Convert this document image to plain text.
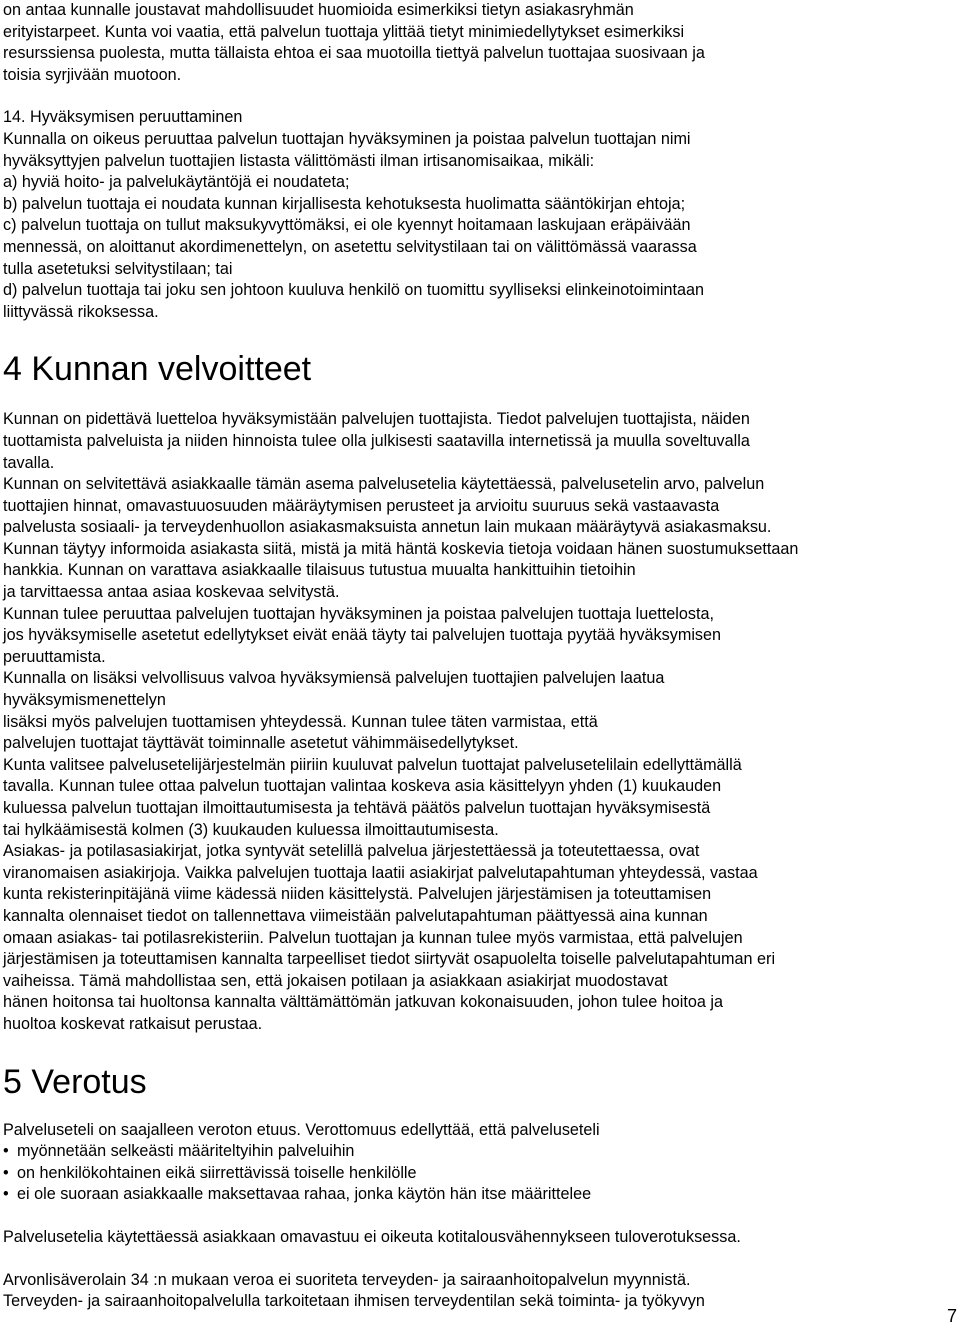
on antaa kunnalle joustavat mahdollisuudet huomioida esimerkiksi tietyn asiakasryhmän
erityistarpeet. Kunta voi vaatia, että palvelun tuottaja ylittää tietyt minimiedellytykset esimerkiksi
resurssiensa puolesta, mutta tällaista ehtoa ei saa muotoilla tiettyä palvelun tuottajaa suosivaan ja
toisia syrjivään muotoon.
14. Hyväksymisen peruuttaminen
Kunnalla on oikeus peruuttaa palvelun tuottajan hyväksyminen ja poistaa palvelun tuottajan nimi
hyväksyttyjen palvelun tuottajien listasta välittömästi ilman irtisanomisaikaa, mikäli:
a) hyviä hoito- ja palvelukäytäntöjä ei noudateta;
b) palvelun tuottaja ei noudata kunnan kirjallisesta kehotuksesta huolimatta sääntökirjan ehtoja;
c) palvelun tuottaja on tullut maksukyvyttömäksi, ei ole kyennyt hoitamaan laskujaan eräpäivään
mennessä, on aloittanut akordimenettelyn, on asetettu selvitystilaan tai on välittömässä vaarassa
tulla asetetuksi selvitystilaan; tai
d) palvelun tuottaja tai joku sen johtoon kuuluva henkilö on tuomittu syylliseksi elinkeinotoimintaan
liittyvässä rikoksessa.
4 Kunnan velvoitteet
Kunnan on pidettävä luetteloa hyväksymistään palvelujen tuottajista. Tiedot palvelujen tuottajista, näiden
tuottamista palveluista ja niiden hinnoista tulee olla julkisesti saatavilla internetissä ja muulla soveltuvalla
tavalla.
Kunnan on selvitettävä asiakkaalle tämän asema palvelusetelia käytettäessä, palvelusetelin arvo, palvelun
tuottajien hinnat, omavastuuosuuden määräytymisen perusteet ja arvioitu suuruus sekä vastaavasta
palvelusta sosiaali- ja terveydenhuollon asiakasmaksuista annetun lain mukaan määräytyvä asiakasmaksu.
Kunnan täytyy informoida asiakasta siitä, mistä ja mitä häntä koskevia tietoja voidaan hänen suostumuksettaan
hankkia. Kunnan on varattava asiakkaalle tilaisuus tutustua muualta hankittuihin tietoihin
ja tarvittaessa antaa asiaa koskevaa selvitystä.
Kunnan tulee peruuttaa palvelujen tuottajan hyväksyminen ja poistaa palvelujen tuottaja luettelosta,
jos hyväksymiselle asetetut edellytykset eivät enää täyty tai palvelujen tuottaja pyytää hyväksymisen
peruuttamista.
Kunnalla on lisäksi velvollisuus valvoa hyväksymiensä palvelujen tuottajien palvelujen laatua
hyväksymismenettelyn
lisäksi myös palvelujen tuottamisen yhteydessä. Kunnan tulee täten varmistaa, että
palvelujen tuottajat täyttävät toiminnalle asetetut vähimmäisedellytykset.
Kunta valitsee palvelusetelijärjestelmän piiriin kuuluvat palvelun tuottajat palvelusetelilain edellyttämällä
tavalla. Kunnan tulee ottaa palvelun tuottajan valintaa koskeva asia käsittelyyn yhden (1) kuukauden
kuluessa palvelun tuottajan ilmoittautumisesta ja tehtävä päätös palvelun tuottajan hyväksymisestä
tai hylkäämisestä kolmen (3) kuukauden kuluessa ilmoittautumisesta.
Asiakas- ja potilasasiakirjat, jotka syntyvät setelillä palvelua järjestettäessä ja toteutettaessa, ovat
viranomaisen asiakirjoja. Vaikka palvelujen tuottaja laatii asiakirjat palvelutapahtuman yhteydessä, vastaa
kunta rekisterinpitäjänä viime kädessä niiden käsittelystä. Palvelujen järjestämisen ja toteuttamisen
kannalta olennaiset tiedot on tallennettava viimeistään palvelutapahtuman päättyessä aina kunnan
omaan asiakas- tai potilasrekisteriin. Palvelun tuottajan ja kunnan tulee myös varmistaa, että palvelujen
järjestämisen ja toteuttamisen kannalta tarpeelliset tiedot siirtyvät osapuolelta toiselle palvelutapahtuman eri
vaiheissa. Tämä mahdollistaa sen, että jokaisen potilaan ja asiakkaan asiakirjat muodostavat
hänen hoitonsa tai huoltonsa kannalta välttämättömän jatkuvan kokonaisuuden, johon tulee hoitoa ja
huoltoa koskevat ratkaisut perustaa.
5 Verotus
Palveluseteli on saajalleen veroton etuus. Verottomuus edellyttää, että palveluseteli
• myönnetään selkeästi määriteltyihin palveluihin
• on henkilökohtainen eikä siirrettävissä toiselle henkilölle
• ei ole suoraan asiakkaalle maksettavaa rahaa, jonka käytön hän itse määrittelee
Palvelusetelia käytettäessä asiakkaan omavastuu ei oikeuta kotitalousvähennykseen tuloverotuksessa.
Arvonlisäverolain 34 :n mukaan veroa ei suoriteta terveyden- ja sairaanhoitopalvelun myynnistä.
Terveyden- ja sairaanhoitopalvelulla tarkoitetaan ihmisen terveydentilan sekä toiminta- ja työkyvyn
7
